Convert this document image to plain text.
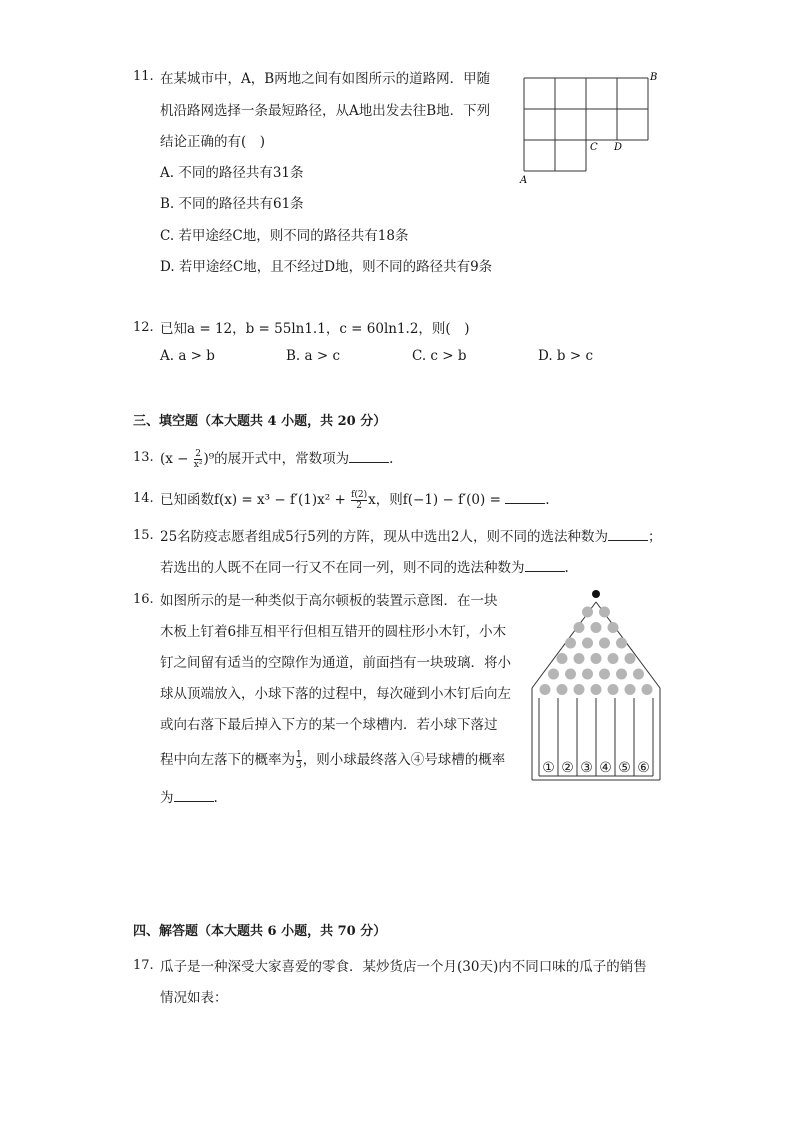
11. 在某城市中，A，B两地之间有如图所示的道路网．甲随
机沿路网选择一条最短路径，从A地出发去往B地．下列
结论正确的有(　)
A. 不同的路径共有31条
B. 不同的路径共有61条
C. 若甲途经C地，则不同的路径共有18条
D. 若甲途经C地，且不经过D地，则不同的路径共有9条
A
B
C D
12. 已知a = 12，b = 55ln1.1，c = 60ln1.2，则(　)
A. a > b	B. a > c	C. c > b	D. b > c
三、填空题（本大题共 4 小题，共 20 分）
13. $(x - \frac{2}{\text{x²}} )^9$的展开式中，常数项为	.
14. 已知函数$f(x) = x^3 - f'(1)x^2 + \frac{f(2)}{2}$ x，则f(−1) − f′(0) =	.
15. 25名防疫志愿者组成5行5列的方阵，现从中选出2人，则不同的选法种数为	；
若选出的人既不在同一行又不在同一列，则不同的选法种数为	.
16. 如图所示的是一种类似于高尔顿板的装置示意图．在一块
木板上钉着6排互相平行但相互错开的圆柱形小木钉，小木
钉之间留有适当的空隙作为通道，前面挡有一块玻璃．将小
球从顶端放入，小球下落的过程中，每次碰到小木钉后向左
或向右落下最后掉入下方的某一个球槽内．若小球下落过
程中向左落下的概率为 $\frac{1}{3}$ ，则小球最终落入④号球槽的概率
为	.
① ② ③ ④ ⑤ ⑥
四、解答题（本大题共 6 小题，共 70 分）
17. 瓜子是一种深受大家喜爱的零食．某炒货店一个月(30天)内不同口味的瓜子的销售
情况如表：
